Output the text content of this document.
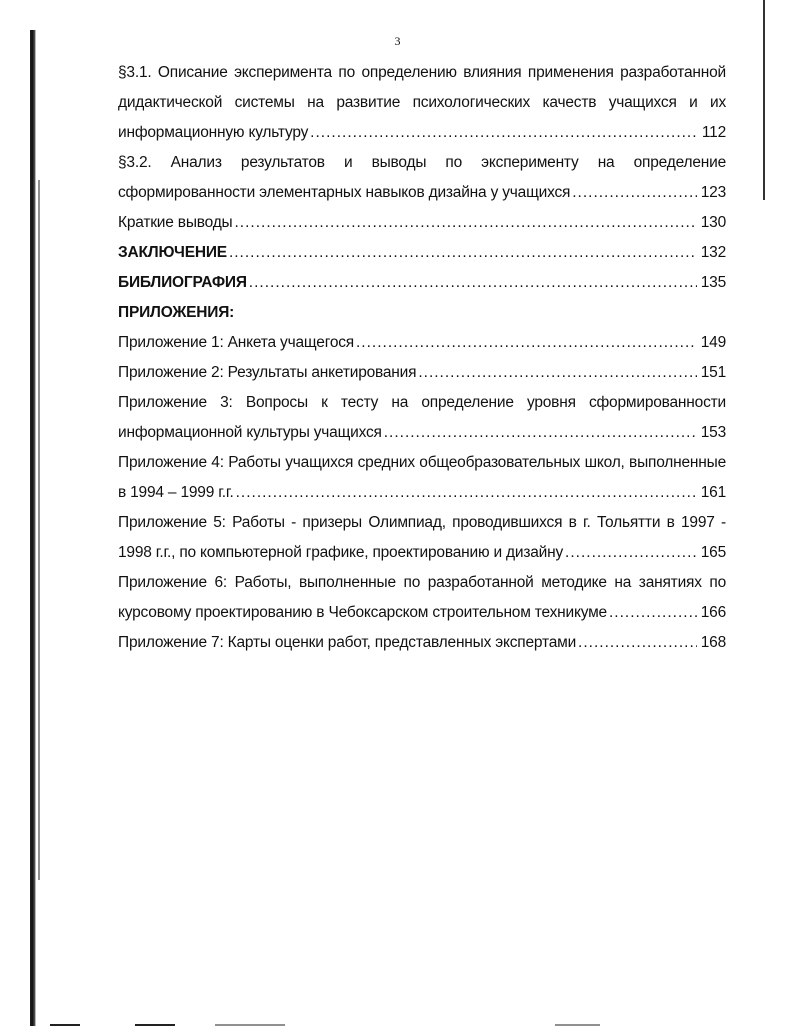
3
§3.1. Описание эксперимента по определению влияния применения разработанной
дидактической системы на развитие психологических качеств учащихся и их
информационную культуру .....	112
§3.2. Анализ результатов и выводы по эксперименту на определение
сформированности элементарных навыков дизайна у учащихся .....	123
Краткие выводы .....	130
ЗАКЛЮЧЕНИЕ .....	132
БИБЛИОГРАФИЯ .....	135
ПРИЛОЖЕНИЯ:
Приложение 1: Анкета учащегося .....	149
Приложение 2: Результаты анкетирования .....	151
Приложение 3: Вопросы к тесту на определение уровня сформированности
информационной культуры учащихся .....	153
Приложение 4: Работы учащихся средних общеобразовательных школ, выполненные
в 1994 – 1999 г.г. .....	161
Приложение 5: Работы - призеры Олимпиад, проводившихся в г. Тольятти в 1997 -
1998 г.г., по компьютерной графике, проектированию и дизайну .....	165
Приложение 6: Работы, выполненные по разработанной методике на занятиях по
курсовому проектированию в Чебоксарском строительном техникуме .....	166
Приложение 7: Карты оценки работ, представленных экспертами .....	168
